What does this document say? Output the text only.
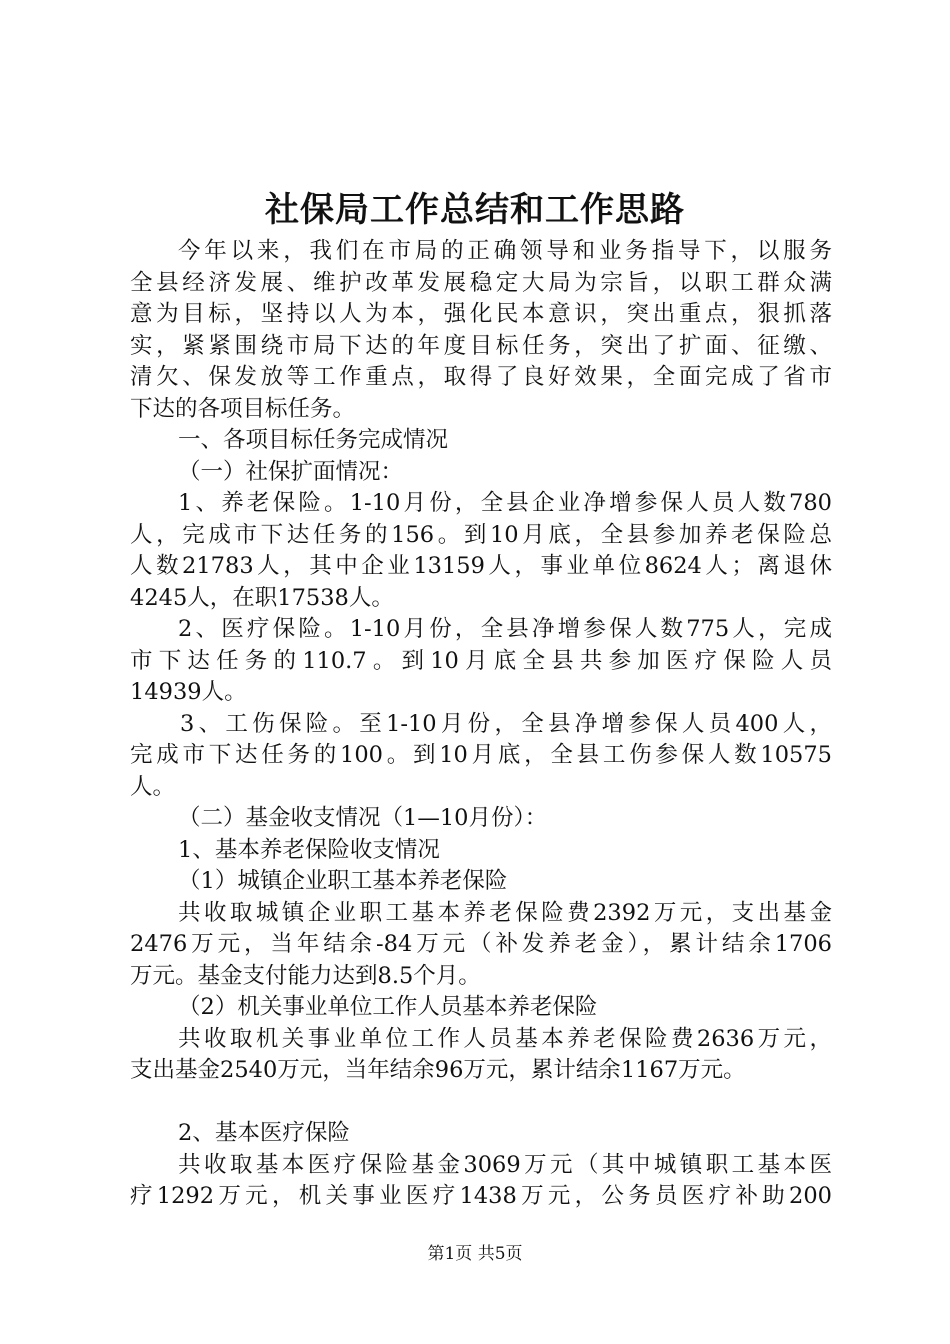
社保局工作总结和工作思路
今年以来，我们在市局的正确领导和业务指导下，以服务
全县经济发展、维护改革发展稳定大局为宗旨，以职工群众满
意为目标，坚持以人为本，强化民本意识，突出重点，狠抓落
实，紧紧围绕市局下达的年度目标任务，突出了扩面、征缴、
清欠、保发放等工作重点，取得了良好效果，全面完成了省市
下达的各项目标任务。
一、各项目标任务完成情况
（一）社保扩面情况：
1、养老保险。1-10月份，全县企业净增参保人员人数780
人，完成市下达任务的156。到10月底，全县参加养老保险总
人数21783人，其中企业13159人，事业单位8624人；离退休
4245人，在职17538人。
2、医疗保险。1-10月份，全县净增参保人数775人，完成
市下达任务的110.7。到10月底全县共参加医疗保险人员
14939人。
3、工伤保险。至1-10月份，全县净增参保人员400人，
完成市下达任务的100。到10月底，全县工伤参保人数10575
人。
（二）基金收支情况（1—10月份）：
1、基本养老保险收支情况
（1）城镇企业职工基本养老保险
共收取城镇企业职工基本养老保险费2392万元，支出基金
2476万元，当年结余-84万元（补发养老金），累计结余1706
万元。基金支付能力达到8.5个月。
（2）机关事业单位工作人员基本养老保险
共收取机关事业单位工作人员基本养老保险费2636万元，
支出基金2540万元，当年结余96万元，累计结余1167万元。
2、基本医疗保险
共收取基本医疗保险基金3069万元（其中城镇职工基本医
疗1292万元，机关事业医疗1438万元，公务员医疗补助200
第1页 共5页
